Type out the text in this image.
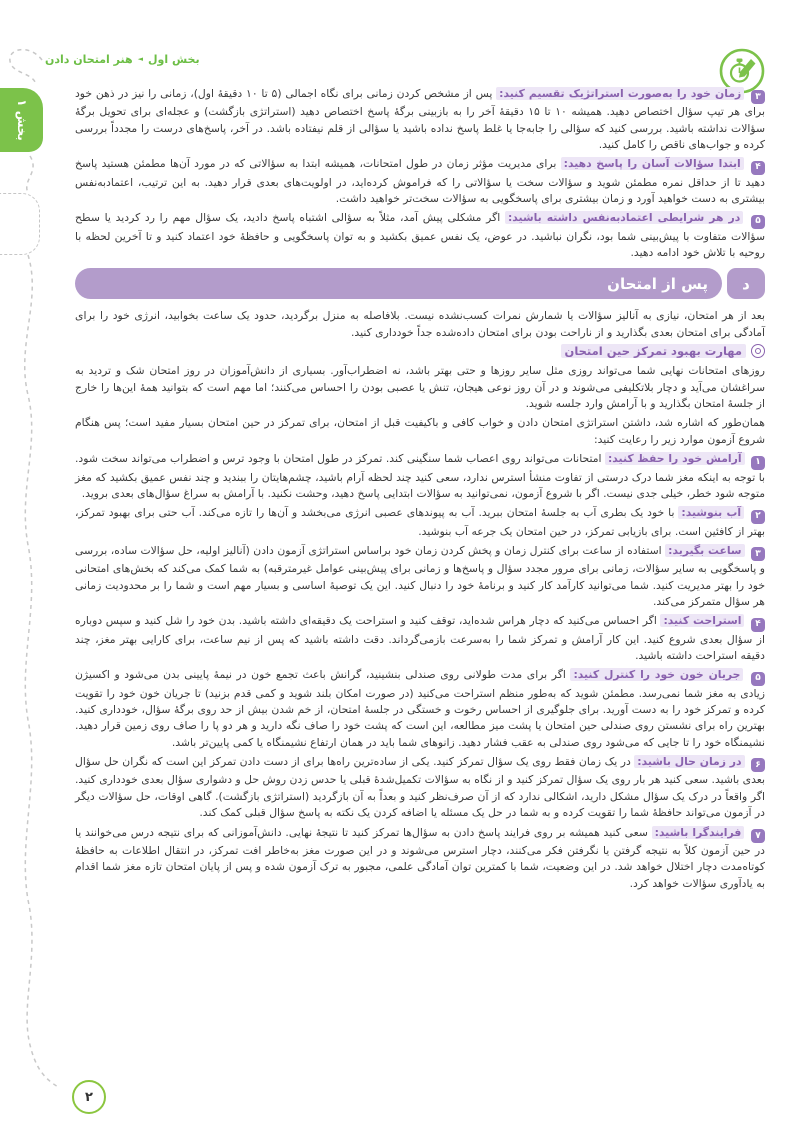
بخش اول
◄
هنر امتحان دادن
بخش ۱

۳ زمان خود را به‌صورت استراتژیک تقسیم کنید: پس از مشخص کردن زمانی برای نگاه اجمالی (۵ تا ۱۰ دقیقهٔ اول)، زمانی را نیز در ذهن خود برای هر تیپ سؤال اختصاص دهید. همیشه ۱۰ تا ۱۵ دقیقهٔ آخر را به بازبینی برگهٔ پاسخ اختصاص دهید (استراتژی بازگشت) و عجله‌ای برای تحویل برگهٔ سؤالات نداشته باشید. بررسی کنید که سؤالی را جابه‌جا یا غلط پاسخ نداده باشید یا سؤالی از قلم نیفتاده باشد. در آخر، پاسخ‌های درست را مجدداً بررسی کرده و جواب‌های ناقص را کامل کنید.

۴ ابتدا سؤالات آسان را پاسخ دهید: برای مدیریت مؤثر زمان در طول امتحانات، همیشه ابتدا به سؤالاتی که در مورد آن‌ها مطمئن هستید پاسخ دهید تا از حداقل نمره مطمئن شوید و سؤالات سخت یا سؤالاتی را که فراموش کرده‌اید، در اولویت‌های بعدی قرار دهید. به این ترتیب، اعتمادبه‌نفس بیشتری به دست خواهید آورد و زمان بیشتری برای پاسخگویی به سؤالات سخت‌تر خواهید داشت.

۵ در هر شرایطی اعتمادبه‌نفس داشته باشید: اگر مشکلی پیش آمد، مثلاً به سؤالی اشتباه پاسخ دادید، یک سؤال مهم را رد کردید یا سطح سؤالات متفاوت با پیش‌بینی شما بود، نگران نباشید. در عوض، یک نفس عمیق بکشید و به توان پاسخگویی و حافظهٔ خود اعتماد کنید و تا آخرین لحظه با روحیه با تلاش خود ادامه دهید.

د
پس از امتحان

بعد از هر امتحان، نیازی به آنالیز سؤالات یا شمارش نمرات کسب‌نشده نیست. بلافاصله به منزل برگردید، حدود یک ساعت بخوابید، انرژی خود را برای آمادگی برای امتحان بعدی بگذارید و از ناراحت بودن برای امتحان داده‌شده جداً خودداری کنید.

مهارت بهبود تمرکز حین امتحان

روزهای امتحانات نهایی شما می‌تواند روزی مثل سایر روزها و حتی بهتر باشد، نه اضطراب‌آور. بسیاری از دانش‌آموزان در روز امتحان شک و تردید به سراغشان می‌آید و دچار بلاتکلیفی می‌شوند و در آن روز نوعی هیجان، تنش یا عصبی بودن را احساس می‌کنند؛ اما مهم است که بتوانید همهٔ این‌ها را خارج از جلسهٔ امتحان بگذارید و با آرامش وارد جلسه شوید.

همان‌طور که اشاره شد، داشتن استراتژی امتحان دادن و خواب کافی و باکیفیت قبل از امتحان، برای تمرکز در حین امتحان بسیار مفید است؛ پس هنگام شروع آزمون موارد زیر را رعایت کنید:

۱ آرامش خود را حفظ کنید: امتحانات می‌تواند روی اعصاب شما سنگینی کند. تمرکز در طول امتحان با وجود ترس و اضطراب می‌تواند سخت شود. با توجه به اینکه مغز شما درک درستی از تفاوت منشأ استرس ندارد، سعی کنید چند لحظه آرام باشید، چشم‌هایتان را ببندید و چند نفس عمیق بکشید که مغز متوجه شود خطر، خیلی جدی نیست. اگر با شروع آزمون، نمی‌توانید به سؤالات ابتدایی پاسخ دهید، وحشت نکنید. با آرامش به سراغ سؤال‌های بعدی بروید.

۲ آب بنوشید: با خود یک بطری آب به جلسهٔ امتحان ببرید. آب به پیوندهای عصبی انرژی می‌بخشد و آن‌ها را تازه می‌کند. آب حتی برای بهبود تمرکز، بهتر از کافئین است. برای بازیابی تمرکز، در حین امتحان یک جرعه آب بنوشید.

۳ ساعت بگیرید: استفاده از ساعت برای کنترل زمان و پخش کردن زمان خود براساس استراتژی آزمون دادن (آنالیز اولیه، حل سؤالات ساده، بررسی و پاسخگویی به سایر سؤالات، زمانی برای مرور مجدد سؤال و پاسخ‌ها و زمانی برای پیش‌بینی عوامل غیرمترقبه) به شما کمک می‌کند که بخش‌های امتحانی خود را بهتر مدیریت کنید. شما می‌توانید کارآمد کار کنید و برنامهٔ خود را دنبال کنید. این یک توصیهٔ اساسی و بسیار مهم است و شما را بر محدودیت زمانی هر سؤال متمرکز می‌کند.

۴ استراحت کنید: اگر احساس می‌کنید که دچار هراس شده‌اید، توقف کنید و استراحت یک دقیقه‌ای داشته باشید. بدن خود را شل کنید و سپس دوباره از سؤال بعدی شروع کنید. این کار آرامش و تمرکز شما را به‌سرعت بازمی‌گرداند. دقت داشته باشید که پس از نیم ساعت، برای کارایی بهتر مغز، چند دقیقه استراحت داشته باشید.

۵ جریان خون خود را کنترل کنید: اگر برای مدت طولانی روی صندلی بنشینید، گرانش باعث تجمع خون در نیمهٔ پایینی بدن می‌شود و اکسیژن زیادی به مغز شما نمی‌رسد. مطمئن شوید که به‌طور منظم استراحت می‌کنید (در صورت امکان بلند شوید و کمی قدم بزنید) تا جریان خون خود را تقویت کرده و تمرکز خود را به دست آورید. برای جلوگیری از احساس رخوت و خستگی در جلسهٔ امتحان، از خم شدن بیش از حد روی برگهٔ سؤال، خودداری کنید. بهترین راه برای نشستن روی صندلی حین امتحان یا پشت میز مطالعه، این است که پشت خود را صاف نگه دارید و هر دو پا را صاف روی زمین قرار دهید. نشیمنگاه خود را تا جایی که می‌شود روی صندلی به عقب فشار دهید. زانوهای شما باید در همان ارتفاع نشیمنگاه یا کمی پایین‌تر باشد.

۶ در زمان حال باشید: در یک زمان فقط روی یک سؤال تمرکز کنید. یکی از ساده‌ترین راه‌ها برای از دست دادن تمرکز این است که نگران حل سؤال بعدی باشید. سعی کنید هر بار روی یک سؤال تمرکز کنید و از نگاه به سؤالات تکمیل‌شدهٔ قبلی یا حدس زدن روش حل و دشواری سؤال بعدی خودداری کنید. اگر واقعاً در درک یک سؤال مشکل دارید، اشکالی ندارد که از آن صرف‌نظر کنید و بعداً به آن بازگردید (استراتژی بازگشت). گاهی اوقات، حل سؤالات دیگر در آزمون می‌تواند حافظهٔ شما را تقویت کرده و به شما در حل یک مسئله یا اضافه کردن یک نکته به پاسخ سؤال قبلی کمک کند.

۷ فرایندگرا باشید: سعی کنید همیشه بر روی فرایند پاسخ دادن به سؤال‌ها تمرکز کنید تا نتیجهٔ نهایی. دانش‌آموزانی که برای نتیجه درس می‌خوانند یا در حین آزمون کلاً به نتیجه گرفتن یا نگرفتن فکر می‌کنند، دچار استرس می‌شوند و در این صورت مغز به‌خاطر افت تمرکز، در انتقال اطلاعات به حافظهٔ کوتاه‌مدت دچار اختلال خواهد شد. در این وضعیت، شما با کمترین توان آمادگی علمی، مجبور به ترک آزمون شده و پس از پایان امتحان تازه مغز شما اقدام به یادآوری سؤالات خواهد کرد.

۲
